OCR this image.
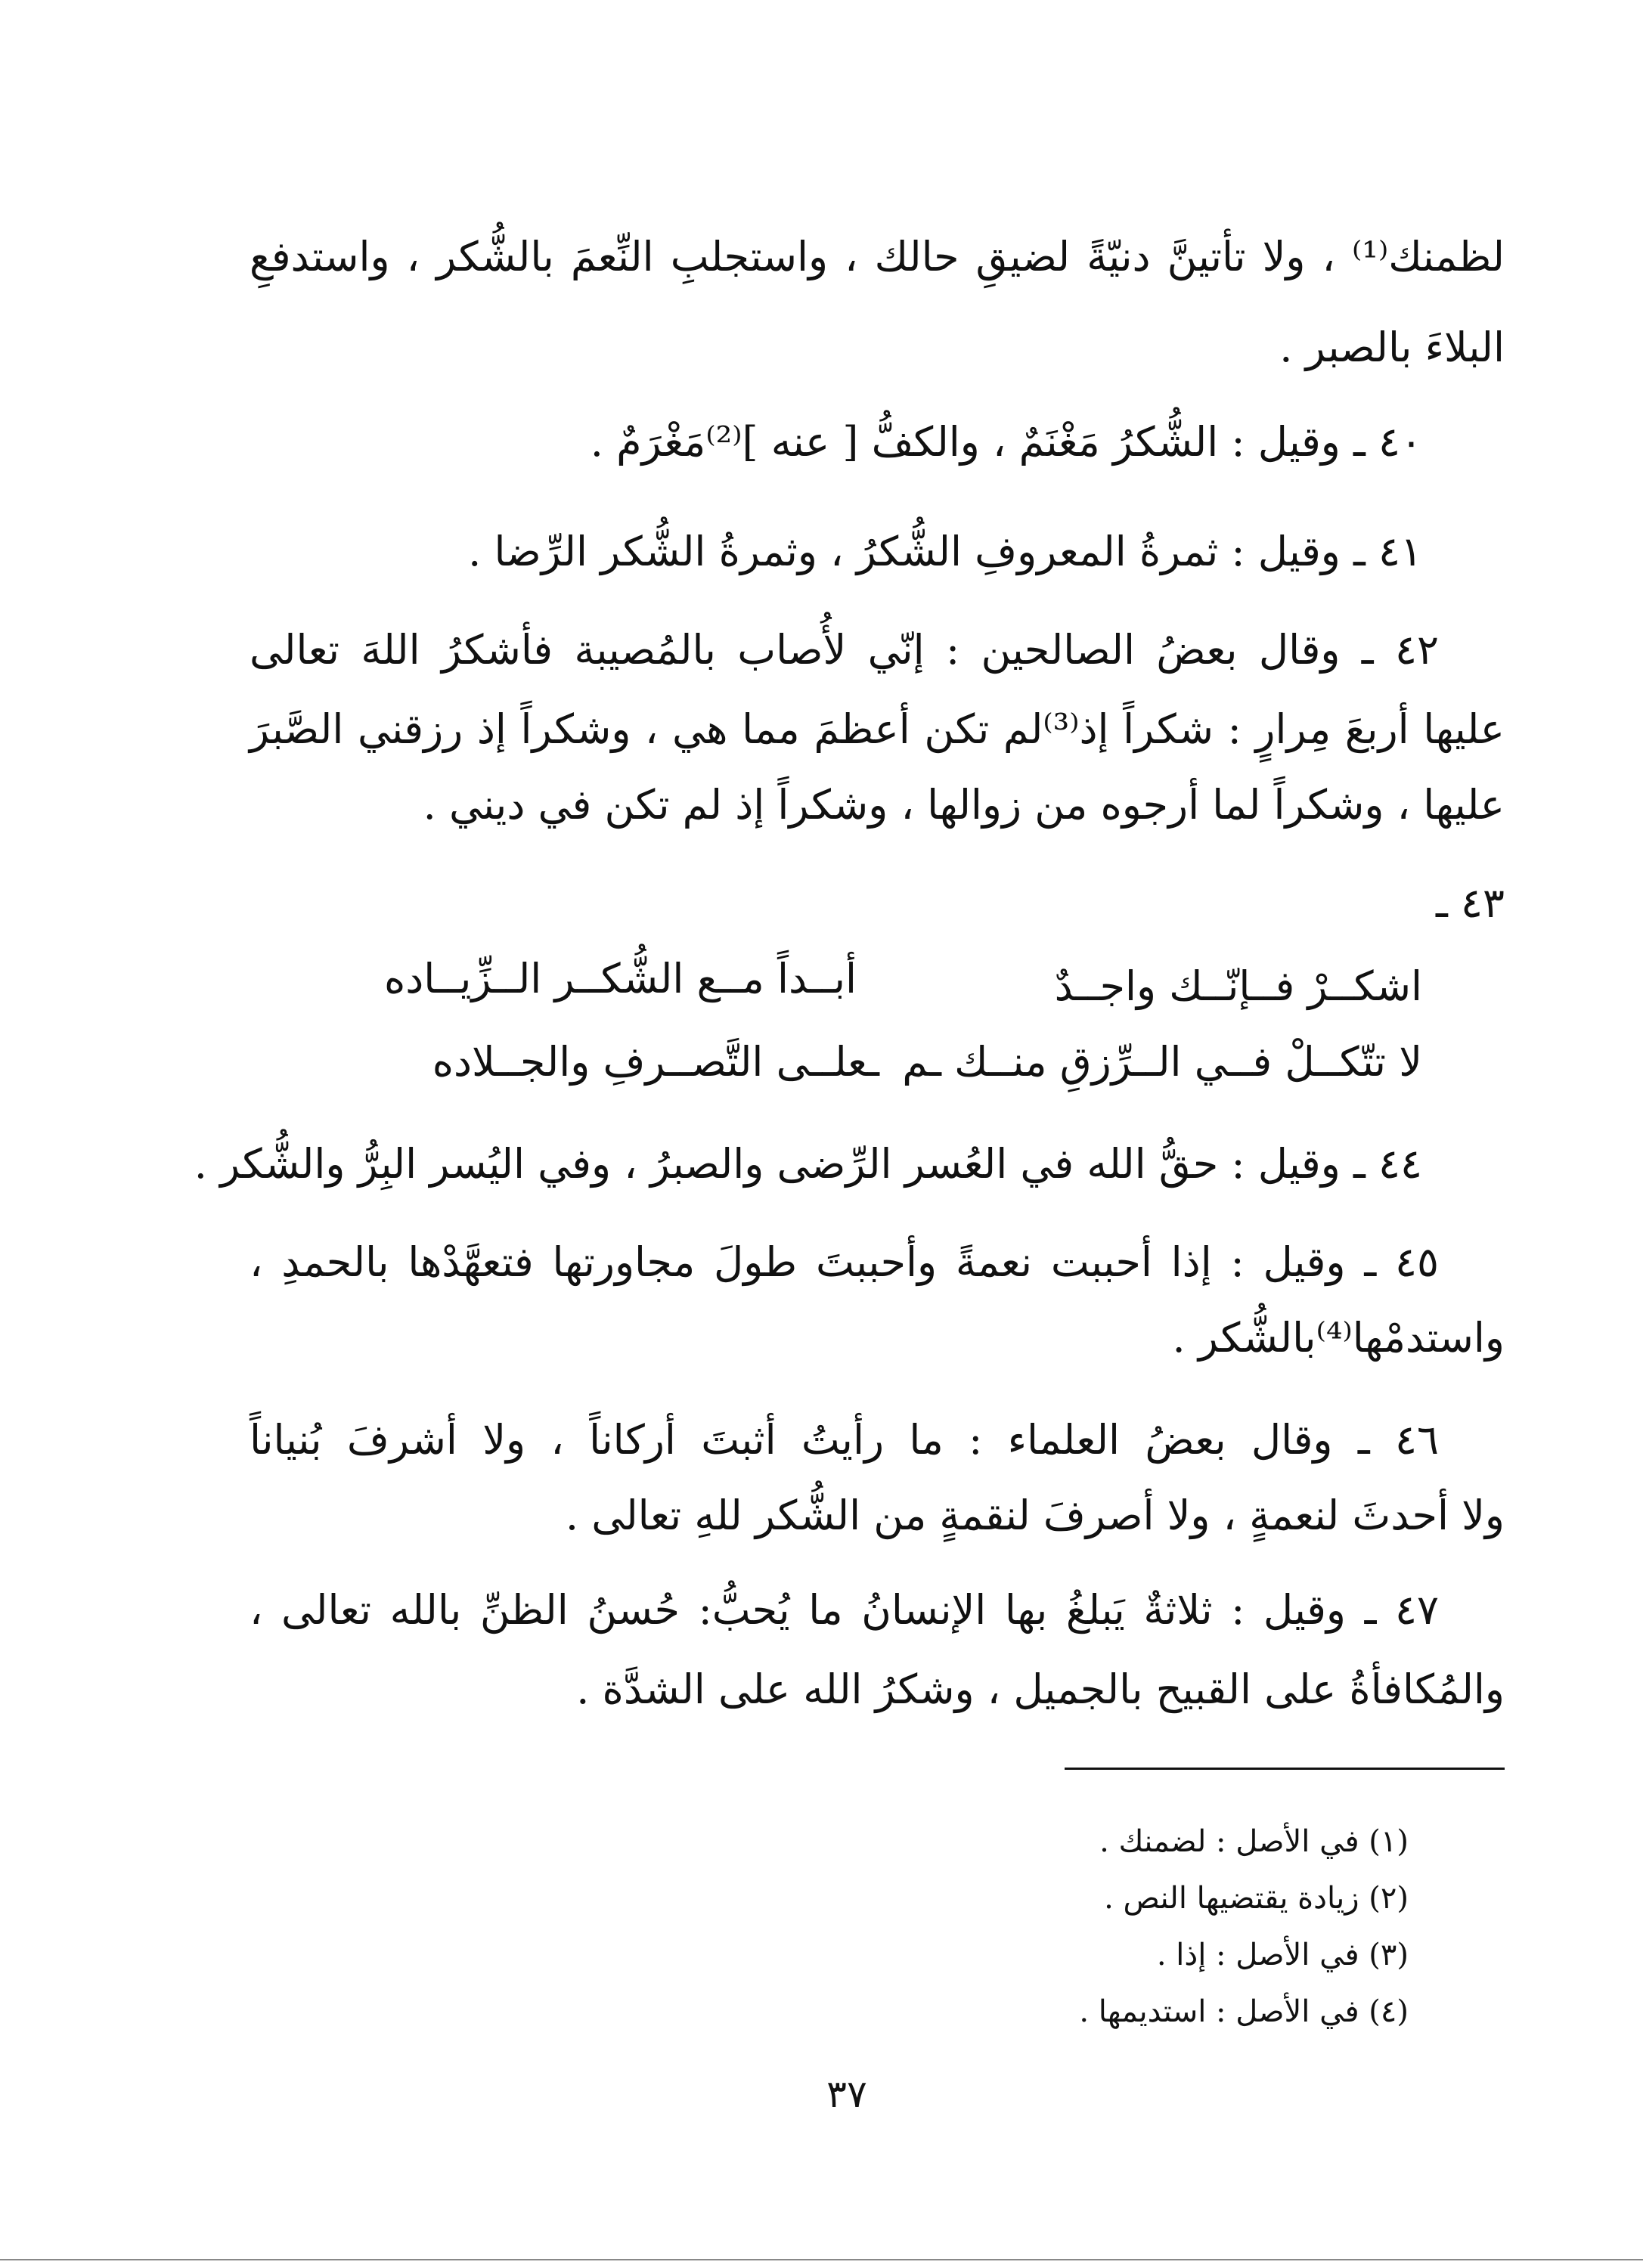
لظمنك⁽¹⁾ ، ولا تأتينَّ دنيّةً لضيقِ حالك ، واستجلبِ النِّعمَ بالشُّكر ، واستدفعِ
البلاءَ بالصبر .
٤٠ ـ وقيل : الشُّكرُ مَغْنَمٌ ، والكفُّ [ عنه ]⁽²⁾مَغْرَمٌ .
٤١ ـ وقيل : ثمرةُ المعروفِ الشُّكرُ ، وثمرةُ الشُّكر الرِّضا .
٤٢ ـ وقال بعضُ الصالحين : إنّي لأُصاب بالمُصيبة فأشكرُ اللهَ تعالى
عليها أربعَ مِرارٍ : شكراً إذ⁽³⁾لم تكن أعظمَ مما هي ، وشكراً إذ رزقني الصَّبرَ
عليها ، وشكراً لما أرجوه من زوالها ، وشكراً إذ لم تكن في ديني .
٤٣ ـ
اشكــرْ فــإنّــك واجــدٌ
أبــداً مــع الشُّكــر الــزِّيــاده
لا تتّكــلْ فــي الــرِّزقِ منــك ـم
ـعلــى التَّصــرفِ والجــلاده
٤٤ ـ وقيل : حقُّ الله في العُسر الرِّضى والصبرُ ، وفي اليُسر البِرُّ والشُّكر .
٤٥ ـ وقيل : إذا أحببت نعمةً وأحببتَ طولَ مجاورتها فتعهَّدْها بالحمدِ ،
واستدمْها⁽⁴⁾بالشُّكر .
٤٦ ـ وقال بعضُ العلماء : ما رأيتُ أثبتَ أركاناً ، ولا أشرفَ بُنياناً
ولا أحدثَ لنعمةٍ ، ولا أصرفَ لنقمةٍ من الشُّكر للهِ تعالى .
٤٧ ـ وقيل : ثلاثةٌ يَبلغُ بها الإنسانُ ما يُحبُّ: حُسنُ الظنِّ بالله تعالى ،
والمُكافأةُ على القبيح بالجميل ، وشكرُ الله على الشدَّة .
(١) في الأصل : لضمنك .
(٢) زيادة يقتضيها النص .
(٣) في الأصل : إذا .
(٤) في الأصل : استديمها .
٣٧
